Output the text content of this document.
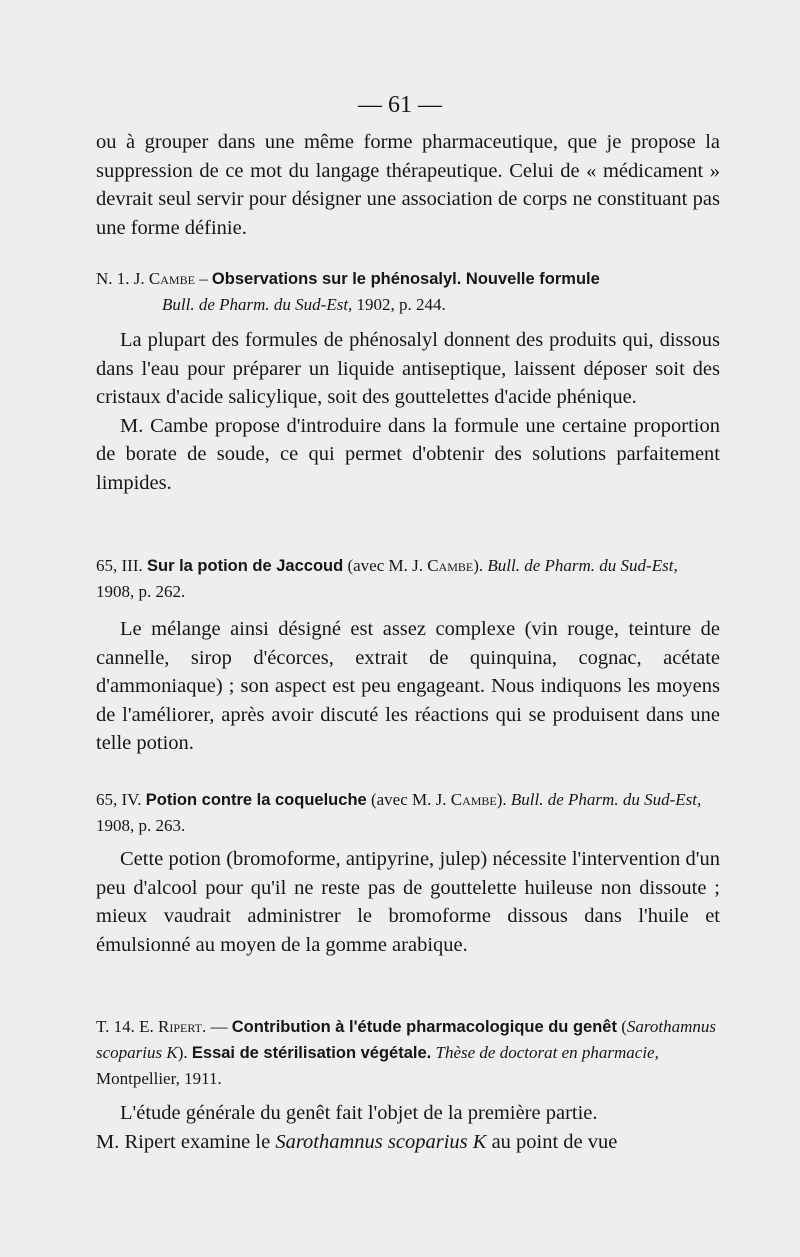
— 61 —

ou à grouper dans une même forme pharmaceutique, que je propose la suppression de ce mot du langage thérapeutique. Celui de « médicament » devrait seul servir pour désigner une association de corps ne constituant pas une forme définie.

N. 1. J. Cambe – Observations sur le phénosalyl. Nouvelle formule
Bull. de Pharm. du Sud-Est, 1902, p. 244.

La plupart des formules de phénosalyl donnent des produits qui, dissous dans l'eau pour préparer un liquide antiseptique, laissent déposer soit des cristaux d'acide salicylique, soit des gouttelettes d'acide phénique.

M. Cambe propose d'introduire dans la formule une certaine proportion de borate de soude, ce qui permet d'obtenir des solutions parfaitement limpides.

65, III. Sur la potion de Jaccoud (avec M. J. Cambe). Bull. de Pharm. du Sud-Est, 1908, p. 262.

Le mélange ainsi désigné est assez complexe (vin rouge, teinture de cannelle, sirop d'écorces, extrait de quinquina, cognac, acétate d'ammoniaque) ; son aspect est peu engageant. Nous indiquons les moyens de l'améliorer, après avoir discuté les réactions qui se produisent dans une telle potion.

65, IV. Potion contre la coqueluche (avec M. J. Cambe). Bull. de Pharm. du Sud-Est, 1908, p. 263.

Cette potion (bromoforme, antipyrine, julep) nécessite l'intervention d'un peu d'alcool pour qu'il ne reste pas de gouttelette huileuse non dissoute ; mieux vaudrait administrer le bromoforme dissous dans l'huile et émulsionné au moyen de la gomme arabique.

T. 14. E. Ripert. — Contribution à l'étude pharmacologique du genêt (Sarothamnus scoparius K). Essai de stérilisation végétale. Thèse de doctorat en pharmacie, Montpellier, 1911.

L'étude générale du genêt fait l'objet de la première partie.

M. Ripert examine le Sarothamnus scoparius K au point de vue
